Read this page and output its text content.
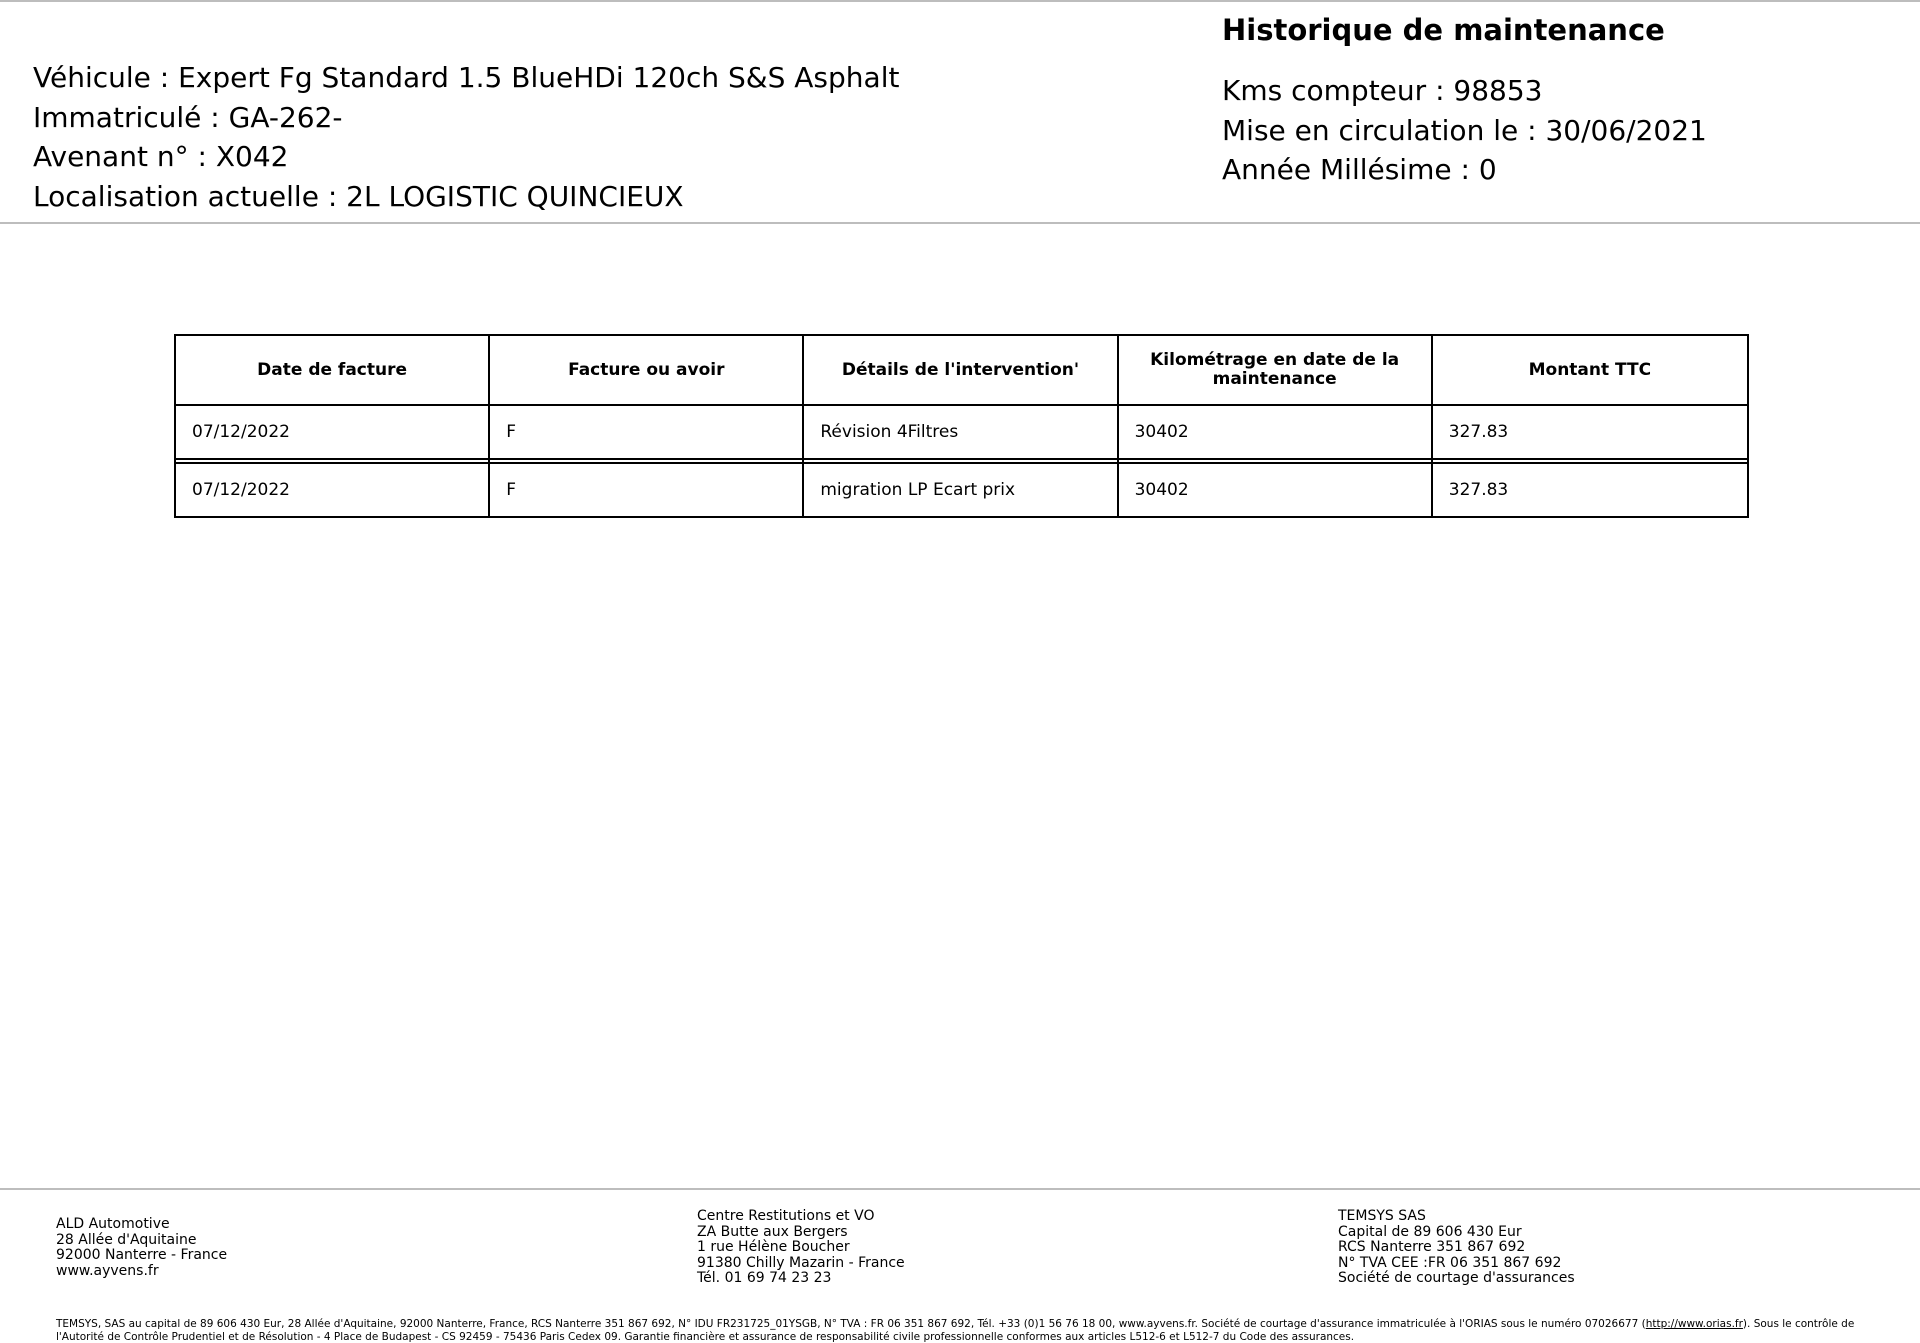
Véhicule : Expert Fg Standard 1.5 BlueHDi 120ch S&S Asphalt
Immatriculé : GA-262-
Avenant n° : X042
Localisation actuelle : 2L LOGISTIC QUINCIEUX
Historique de maintenance
Kms compteur : 98853
Mise en circulation le : 30/06/2021
Année Millésime : 0
Date de facture	Facture ou avoir	Détails de l'intervention'	Kilométrage en date de la maintenance	Montant TTC
07/12/2022	F	Révision 4Filtres	30402	327.83

07/12/2022	F	migration LP Ecart prix	30402	327.83
ALD Automotive
28 Allée d'Aquitaine
92000 Nanterre - France
www.ayvens.fr
Centre Restitutions et VO
ZA Butte aux Bergers
1 rue Hélène Boucher
91380 Chilly Mazarin - France
Tél. 01 69 74 23 23
TEMSYS SAS
Capital de 89 606 430 Eur
RCS Nanterre 351 867 692
N° TVA CEE :FR 06 351 867 692
Société de courtage d'assurances
TEMSYS, SAS au capital de 89 606 430 Eur, 28 Allée d'Aquitaine, 92000 Nanterre, France, RCS Nanterre 351 867 692, N° IDU FR231725_01YSGB, N° TVA : FR 06 351 867 692, Tél. +33 (0)1 56 76 18 00, www.ayvens.fr. Société de courtage d'assurance immatriculée à l'ORIAS sous le numéro 07026677 (http://www.orias.fr). Sous le contrôle de l'Autorité de Contrôle Prudentiel et de Résolution - 4 Place de Budapest - CS 92459 - 75436 Paris Cedex 09. Garantie financière et assurance de responsabilité civile professionnelle conformes aux articles L512-6 et L512-7 du Code des assurances.
